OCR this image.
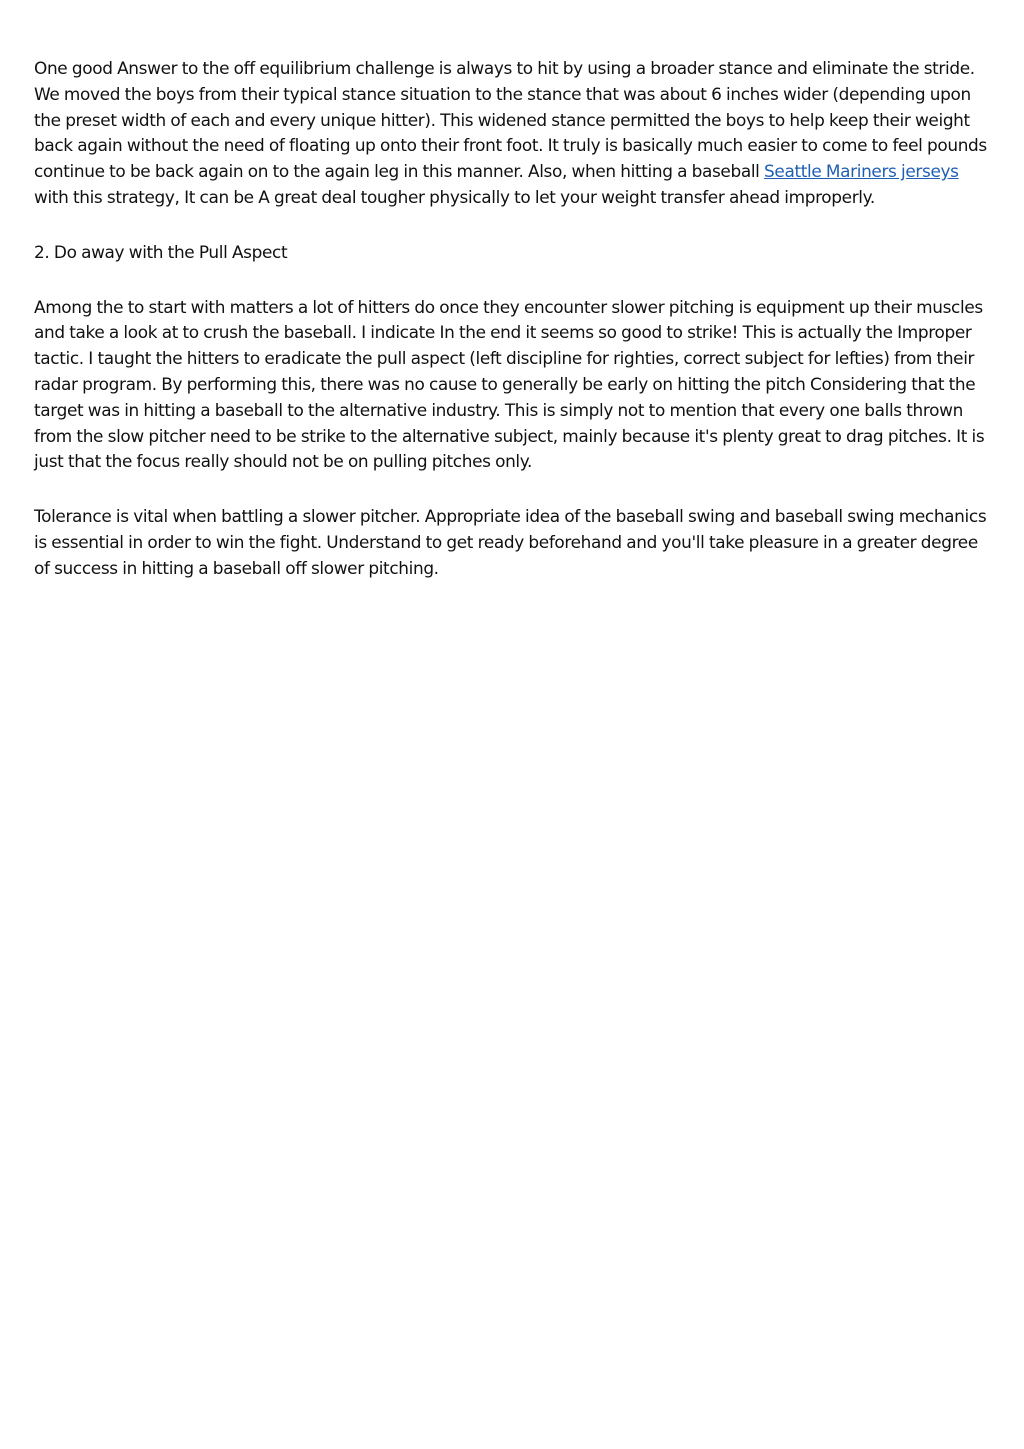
One good Answer to the off equilibrium challenge is always to hit by using a broader stance and eliminate the stride. We moved the boys from their typical stance situation to the stance that was about 6 inches wider (depending upon the preset width of each and every unique hitter). This widened stance permitted the boys to help keep their weight back again without the need of floating up onto their front foot. It truly is basically much easier to come to feel pounds continue to be back again on to the again leg in this manner. Also, when hitting a baseball Seattle Mariners jerseys with this strategy, It can be A great deal tougher physically to let your weight transfer ahead improperly.

2. Do away with the Pull Aspect

Among the to start with matters a lot of hitters do once they encounter slower pitching is equipment up their muscles and take a look at to crush the baseball. I indicate In the end it seems so good to strike! This is actually the Improper tactic. I taught the hitters to eradicate the pull aspect (left discipline for righties, correct subject for lefties) from their radar program. By performing this, there was no cause to generally be early on hitting the pitch Considering that the target was in hitting a baseball to the alternative industry. This is simply not to mention that every one balls thrown from the slow pitcher need to be strike to the alternative subject, mainly because it's plenty great to drag pitches. It is just that the focus really should not be on pulling pitches only.

Tolerance is vital when battling a slower pitcher. Appropriate idea of the baseball swing and baseball swing mechanics is essential in order to win the fight. Understand to get ready beforehand and you'll take pleasure in a greater degree of success in hitting a baseball off slower pitching.
